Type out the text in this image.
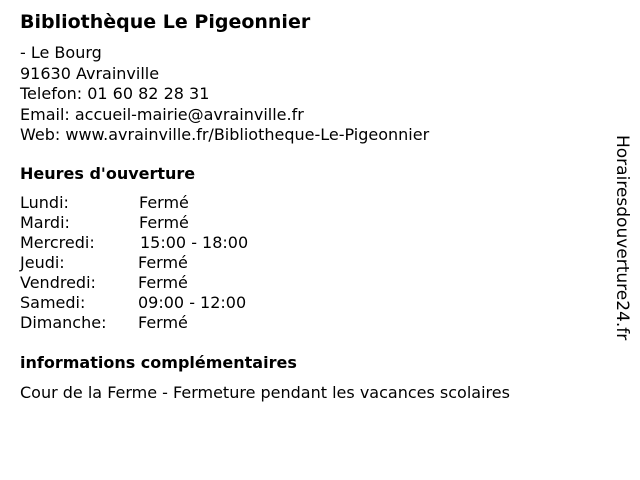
Bibliothèque Le Pigeonnier
- Le Bourg
91630 Avrainville
Telefon: 01 60 82 28 31
Email: accueil-mairie@avrainville.fr
Web: www.avrainville.fr/Bibliotheque-Le-Pigeonnier
Heures d'ouverture
Lundi:	Fermé
Mardi:	Fermé
Mercredi:	15:00 - 18:00
Jeudi:	Fermé
Vendredi:	Fermé
Samedi:	09:00 - 12:00
Dimanche: Fermé
informations complémentaires
Cour de la Ferme - Fermeture pendant les vacances scolaires
Horairesdouverture24.fr
